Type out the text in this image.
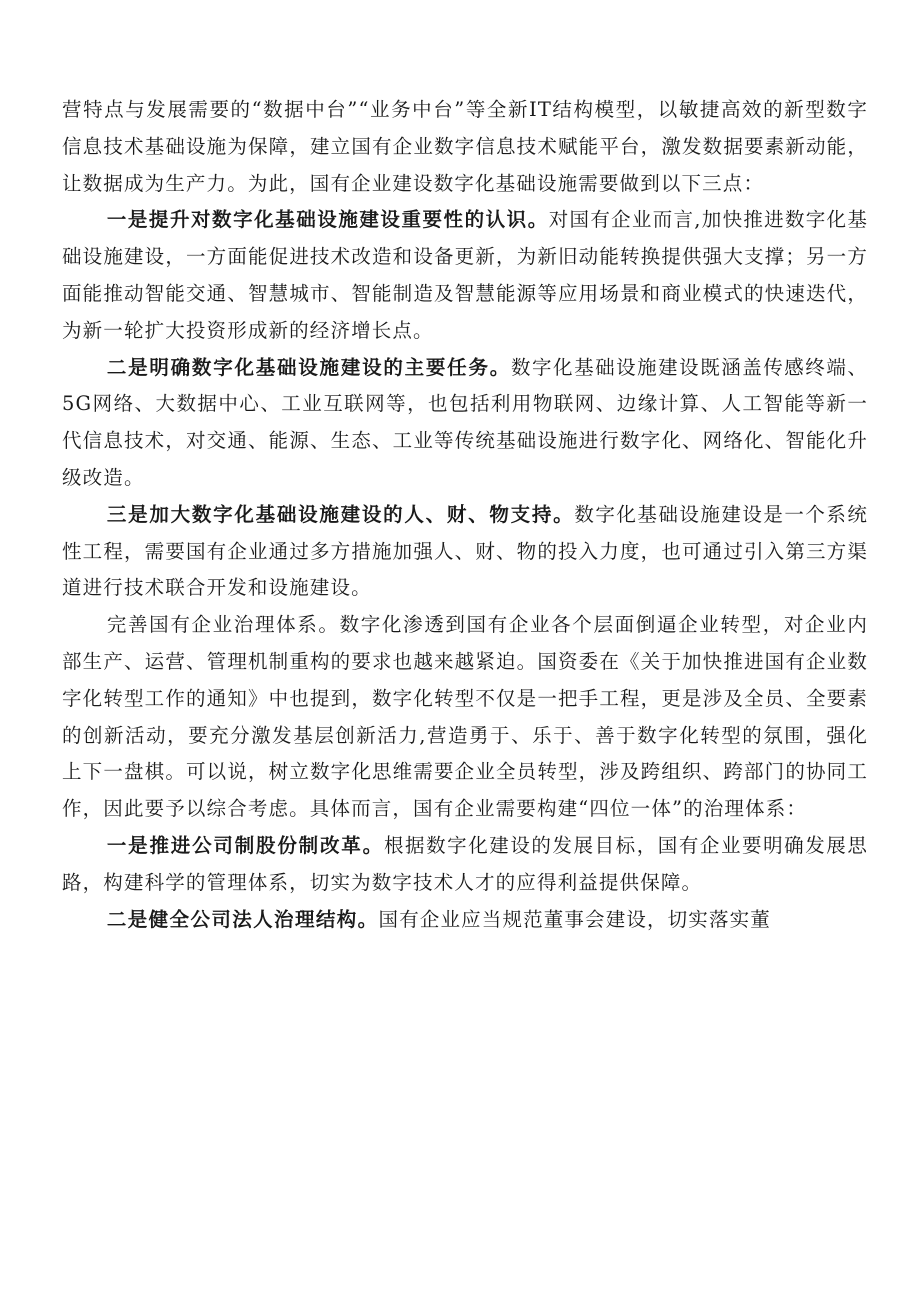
营特点与发展需要的“数据中台”“业务中台”等全新IT结构模型，以敏捷高效的新型数字信息技术基础设施为保障，建立国有企业数字信息技术赋能平台，激发数据要素新动能，让数据成为生产力。为此，国有企业建设数字化基础设施需要做到以下三点：

一是提升对数字化基础设施建设重要性的认识。对国有企业而言,加快推进数字化基础设施建设，一方面能促进技术改造和设备更新，为新旧动能转换提供强大支撑；另一方面能推动智能交通、智慧城市、智能制造及智慧能源等应用场景和商业模式的快速迭代，为新一轮扩大投资形成新的经济增长点。

二是明确数字化基础设施建设的主要任务。数字化基础设施建设既涵盖传感终端、5G网络、大数据中心、工业互联网等，也包括利用物联网、边缘计算、人工智能等新一代信息技术，对交通、能源、生态、工业等传统基础设施进行数字化、网络化、智能化升级改造。

三是加大数字化基础设施建设的人、财、物支持。数字化基础设施建设是一个系统性工程，需要国有企业通过多方措施加强人、财、物的投入力度，也可通过引入第三方渠道进行技术联合开发和设施建设。

完善国有企业治理体系。数字化渗透到国有企业各个层面倒逼企业转型，对企业内部生产、运营、管理机制重构的要求也越来越紧迫。国资委在《关于加快推进国有企业数字化转型工作的通知》中也提到，数字化转型不仅是一把手工程，更是涉及全员、全要素的创新活动，要充分激发基层创新活力,营造勇于、乐于、善于数字化转型的氛围，强化上下一盘棋。可以说，树立数字化思维需要企业全员转型，涉及跨组织、跨部门的协同工作，因此要予以综合考虑。具体而言，国有企业需要构建“四位一体”的治理体系：

一是推进公司制股份制改革。根据数字化建设的发展目标，国有企业要明确发展思路，构建科学的管理体系，切实为数字技术人才的应得利益提供保障。

二是健全公司法人治理结构。国有企业应当规范董事会建设，切实落实董
